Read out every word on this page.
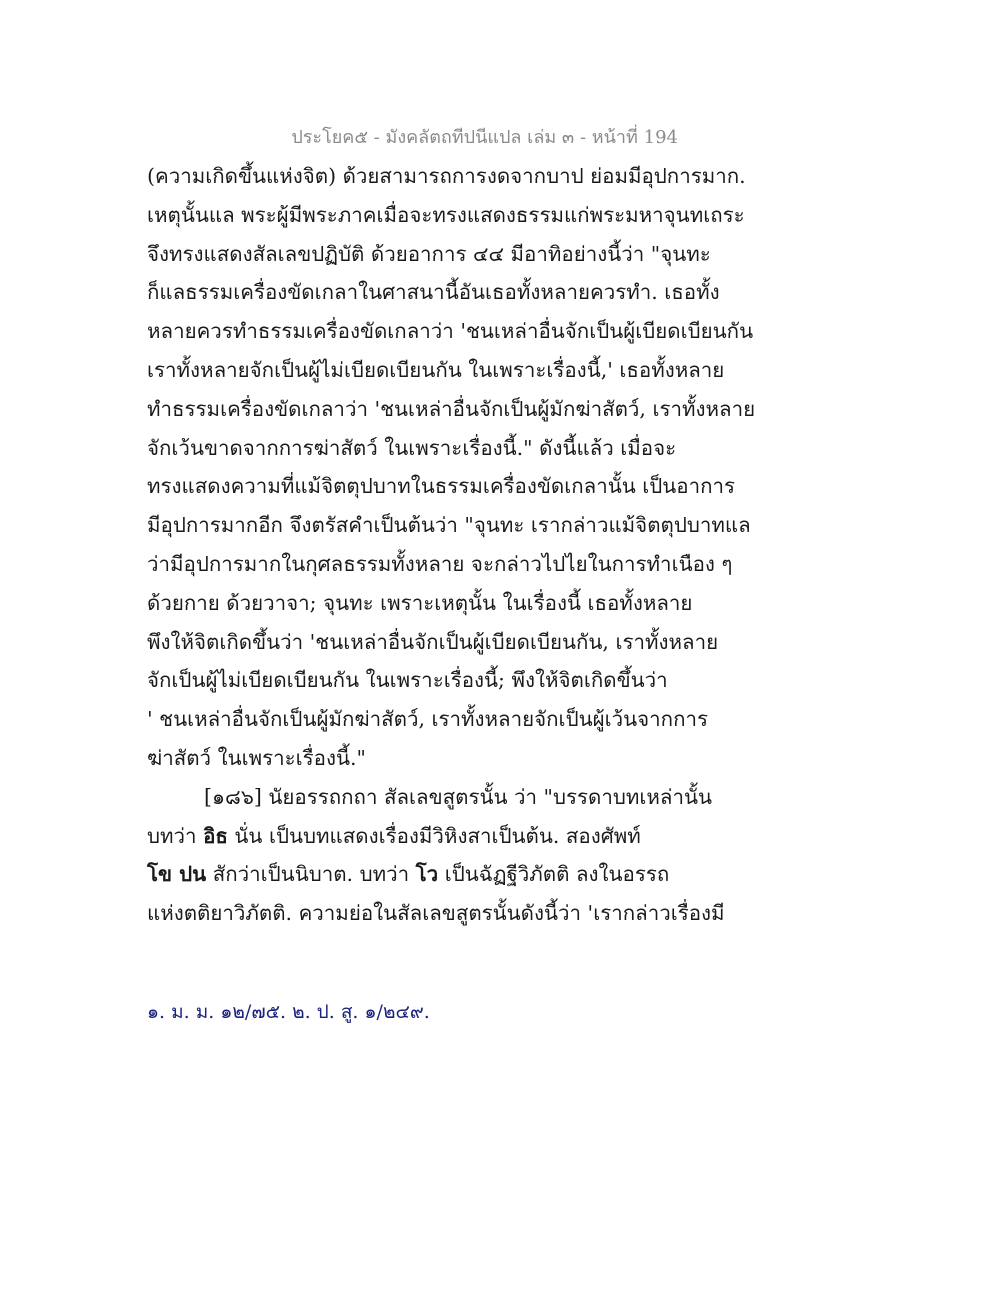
ประโยค๕ - มังคลัตถทีปนีแปล เล่ม ๓ - หน้าที่ 194
(ความเกิดขึ้นแห่งจิต) ด้วยสามารถการงดจากบาป ย่อมมีอุปการมาก.
เหตุนั้นแล พระผู้มีพระภาคเมื่อจะทรงแสดงธรรมแก่พระมหาจุนทเถระ
จึงทรงแสดงสัลเลขปฏิบัติ ด้วยอาการ ๔๔ มีอาทิอย่างนี้ว่า "จุนทะ
ก็แลธรรมเครื่องขัดเกลาในศาสนานี้อันเธอทั้งหลายควรทำ. เธอทั้ง
หลายควรทำธรรมเครื่องขัดเกลาว่า 'ชนเหล่าอื่นจักเป็นผู้เบียดเบียนกัน
เราทั้งหลายจักเป็นผู้ไม่เบียดเบียนกัน ในเพราะเรื่องนี้,' เธอทั้งหลาย
ทำธรรมเครื่องขัดเกลาว่า 'ชนเหล่าอื่นจักเป็นผู้มักฆ่าสัตว์, เราทั้งหลาย
จักเว้นขาดจากการฆ่าสัตว์ ในเพราะเรื่องนี้." ดังนี้แล้ว เมื่อจะ
ทรงแสดงความที่แม้จิตตุปบาทในธรรมเครื่องขัดเกลานั้น เป็นอาการ
มีอุปการมากอีก จึงตรัสคำเป็นต้นว่า "จุนทะ เรากล่าวแม้จิตตุปบาทแล
ว่ามีอุปการมากในกุศลธรรมทั้งหลาย จะกล่าวไปไยในการทำเนือง ๆ
ด้วยกาย ด้วยวาจา; จุนทะ เพราะเหตุนั้น ในเรื่องนี้ เธอทั้งหลาย
พึงให้จิตเกิดขึ้นว่า 'ชนเหล่าอื่นจักเป็นผู้เบียดเบียนกัน, เราทั้งหลาย
จักเป็นผู้ไม่เบียดเบียนกัน ในเพราะเรื่องนี้; พึงให้จิตเกิดขึ้นว่า
' ชนเหล่าอื่นจักเป็นผู้มักฆ่าสัตว์, เราทั้งหลายจักเป็นผู้เว้นจากการ
ฆ่าสัตว์ ในเพราะเรื่องนี้."
[๑๘๖] นัยอรรถกถา สัลเลขสูตรนั้น ว่า "บรรดาบทเหล่านั้น
บทว่า อิธ นั่น เป็นบทแสดงเรื่องมีวิหิงสาเป็นต้น. สองศัพท์
โข ปน สักว่าเป็นนิบาต. บทว่า โว เป็นฉัฏฐีวิภัตติ ลงในอรรถ
แห่งตติยาวิภัตติ. ความย่อในสัลเลขสูตรนั้นดังนี้ว่า 'เรากล่าวเรื่องมี
๑. ม. ม. ๑๒/๗๕. ๒. ป. สู. ๑/๒๔๙.
